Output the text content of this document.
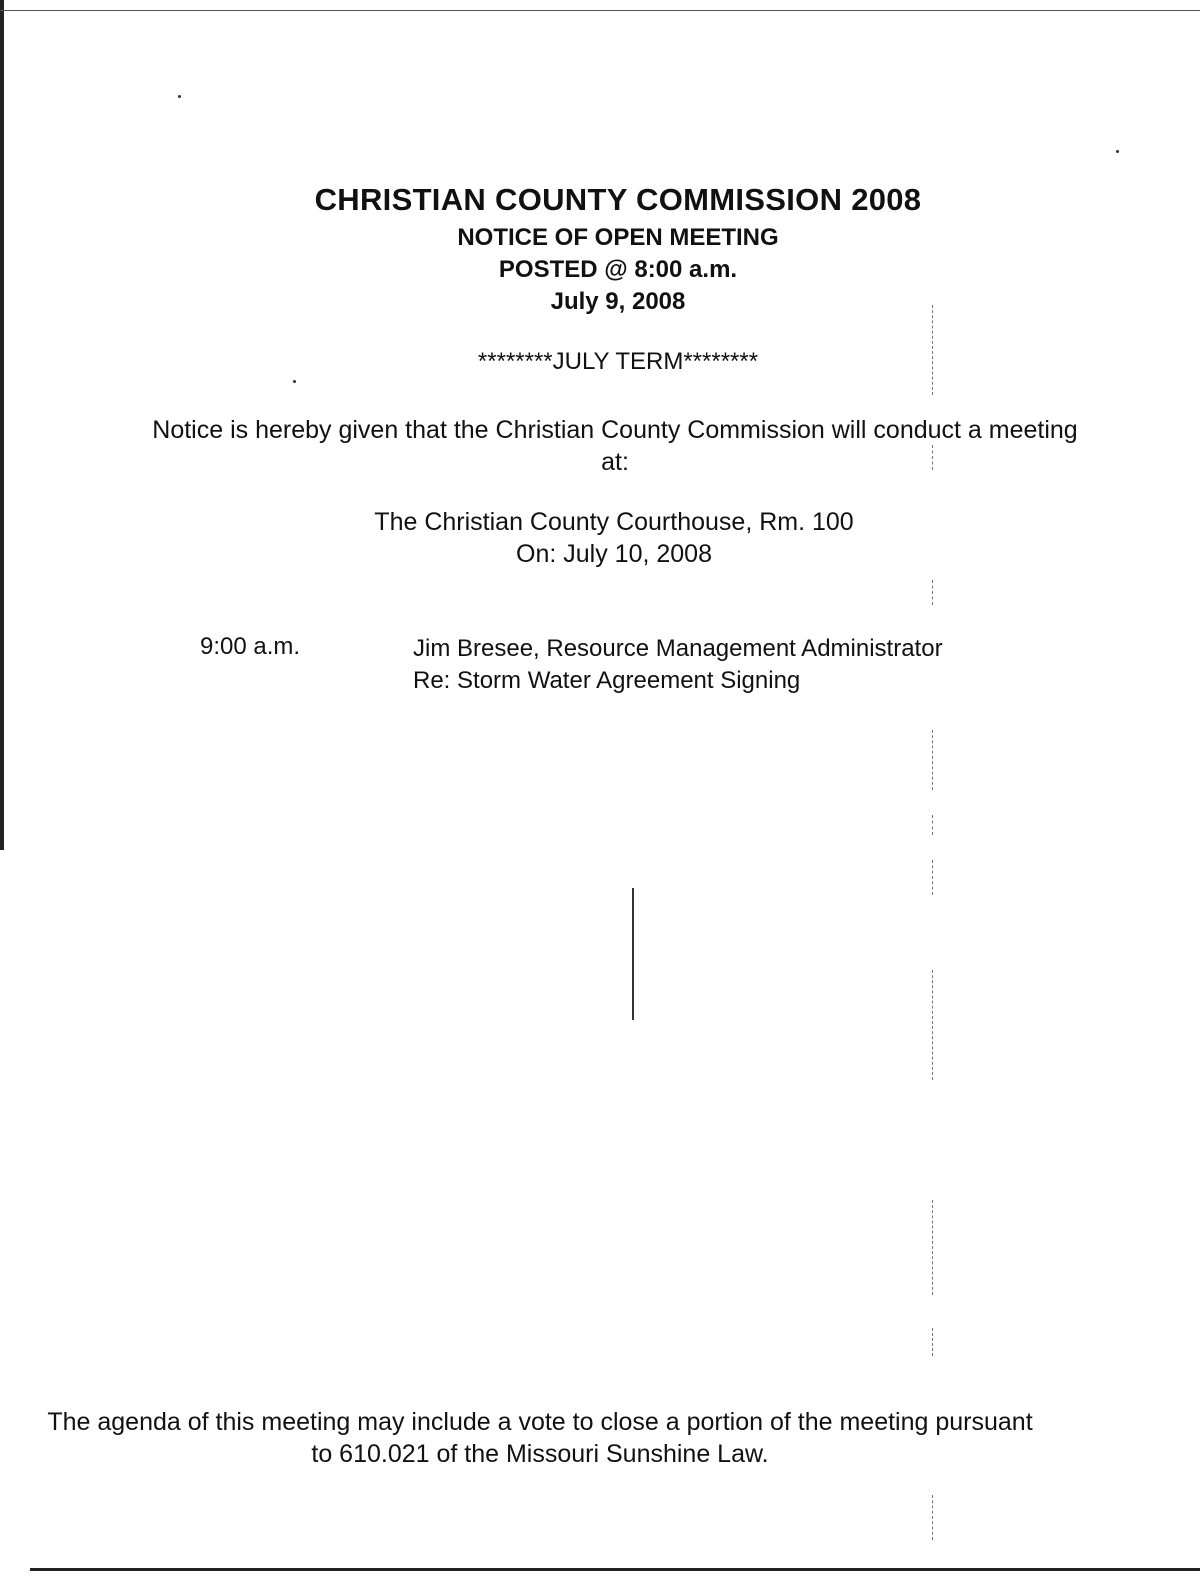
CHRISTIAN COUNTY COMMISSION 2008
NOTICE OF OPEN MEETING
POSTED @ 8:00 a.m.
July 9, 2008
********JULY TERM********
Notice is hereby given that the Christian County Commission will conduct a meeting at:
The Christian County Courthouse, Rm. 100
On: July 10, 2008
9:00 a.m.	Jim Bresee, Resource Management Administrator
Re: Storm Water Agreement Signing
The agenda of this meeting may include a vote to close a portion of the meeting pursuant to 610.021 of the Missouri Sunshine Law.
